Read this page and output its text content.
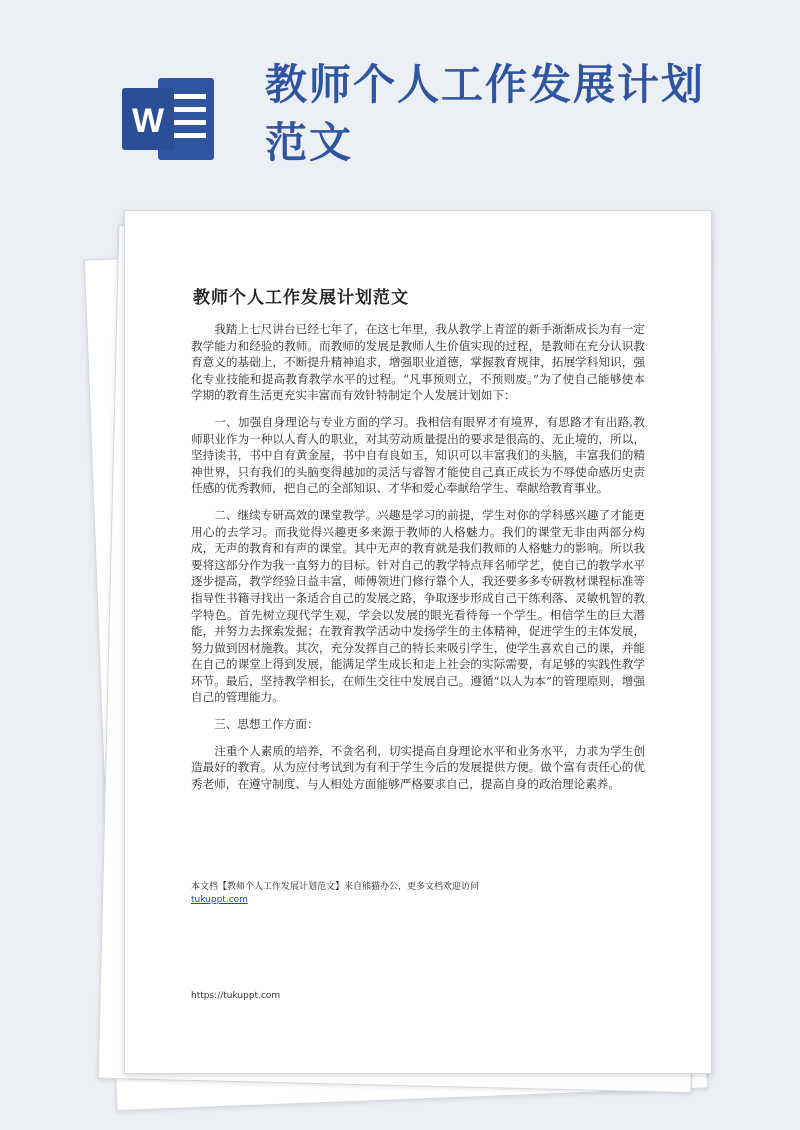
W
教师个人工作发展计划范文
教师个人工作发展计划范文

我踏上七尺讲台已经七年了，在这七年里，我从教学上青涩的新手渐渐成长为有一定教学能力和经验的教师。而教师的发展是教师人生价值实现的过程，是教师在充分认识教育意义的基础上，不断提升精神追求，增强职业道德，掌握教育规律，拓展学科知识，强化专业技能和提高教育教学水平的过程。“凡事预则立，不预则废。”为了使自己能够使本学期的教育生活更充实丰富而有效针特制定个人发展计划如下：

一、加强自身理论与专业方面的学习。我相信有眼界才有境界，有思路才有出路,教师职业作为一种以人育人的职业，对其劳动质量提出的要求是很高的、无止境的，所以，坚持读书，书中自有黄金屋，书中自有良如玉，知识可以丰富我们的头脑，丰富我们的精神世界，只有我们的头脑变得越加的灵活与睿智才能使自己真正成长为不辱使命感历史责任感的优秀教师，把自己的全部知识、才华和爱心奉献给学生、奉献给教育事业。

二、继续专研高效的课堂教学。兴趣是学习的前提，学生对你的学科感兴趣了才能更用心的去学习。而我觉得兴趣更多来源于教师的人格魅力。我们的课堂无非由两部分构成，无声的教育和有声的课堂。其中无声的教育就是我们教师的人格魅力的影响。所以我要将这部分作为我一直努力的目标。针对自己的教学特点拜名师学艺，使自己的教学水平逐步提高，教学经验日益丰富，师傅领进门修行靠个人，我还要多多专研教材课程标准等指导性书籍寻找出一条适合自己的发展之路，争取逐步形成自己干练利落、灵敏机智的教学特色。首先树立现代学生观，学会以发展的眼光看待每一个学生。相信学生的巨大潜能，并努力去探索发掘；在教育教学活动中发扬学生的主体精神，促进学生的主体发展，努力做到因材施教。其次，充分发挥自己的特长来吸引学生，使学生喜欢自己的课，并能在自己的课堂上得到发展，能满足学生成长和走上社会的实际需要，有足够的实践性教学环节。最后，坚持教学相长，在师生交往中发展自己。遵循“以人为本”的管理原则，增强自己的管理能力。

三、思想工作方面：

注重个人素质的培养，不贪名利，切实提高自身理论水平和业务水平，力求为学生创造最好的教育。从为应付考试到为有利于学生今后的发展提供方便。做个富有责任心的优秀老师，在遵守制度、与人相处方面能够严格要求自己，提高自身的政治理论素养。

本文档【教师个人工作发展计划范文】来自熊猫办公，更多文档欢迎访问
tukuppt.com
https://tukuppt.com
